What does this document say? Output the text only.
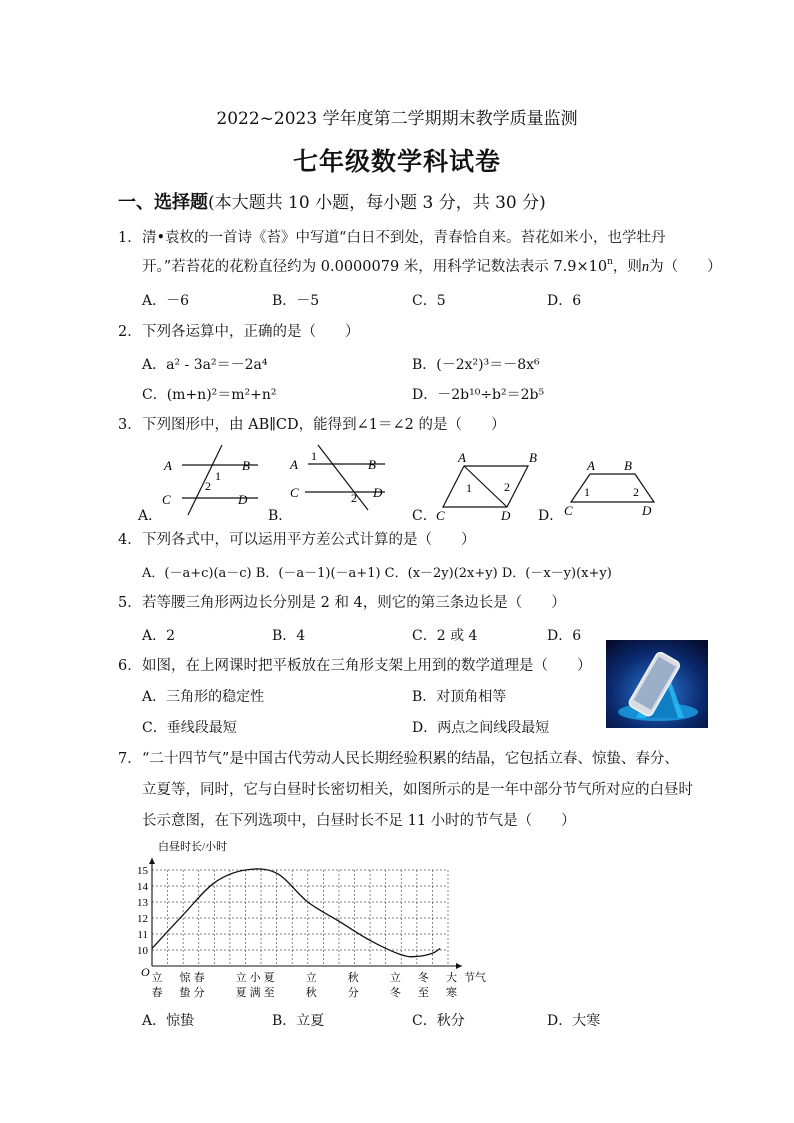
2022~2023 学年度第二学期期末教学质量监测
七年级数学科试卷
一、选择题(本大题共 10 小题，每小题 3 分，共 30 分)
1． 清•袁枚的一首诗《苔》中写道“白日不到处，青春恰自来。苔花如米小，也学牡丹
开。”若苔花的花粉直径约为 0.0000079 米，用科学记数法表示 $7.9\times 10^n$，则n为（　　）
A．－6	B．－5	C．5	D．6
2． 下列各运算中，正确的是（　　）
A．a² - 3a²＝－2a⁴	B．(－2x²)³＝－8x⁶
C．(m+n)²＝m²+n²	D．－2b¹⁰÷b²＝2b⁵
3． 下列图形中，由 AB∥CD，能得到∠1＝∠2 的是（　　）
A	B
C	D
1
2
A	B
C	D
1
2
A	B
C	D
1	2
A B
C	D
1	2
A．	B．	C．	D．
4． 下列各式中，可以运用平方差公式计算的是（　　）
A．(－a+c)(a－c) B．(－a－1)(－a+1) C．(x－2y)(2x+y) D．(－x－y)(x+y)
5． 若等腰三角形两边长分别是 2 和 4，则它的第三条边长是（　　）
A．2	B．4	C．2 或 4	D．6
6． 如图，在上网课时把平板放在三角形支架上用到的数学道理是（　　）
A．三角形的稳定性	B．对顶角相等
C．垂线段最短	D．两点之间线段最短
7． “二十四节气”是中国古代劳动人民长期经验积累的结晶，它包括立春、惊蛰、春分、
立夏等，同时，它与白昼时长密切相关，如图所示的是一年中部分节气所对应的白昼时
长示意图，在下列选项中，白昼时长不足 11 小时的节气是（　　）
白昼时长/小时
节气
O
10
11
12
13
14
15
立
春
惊
蛰
春
分
立
夏
小
满
夏
至
立
秋
秋
分
立
冬
冬
至
大
寒
A．惊蛰	B．立夏	C．秋分	D．大寒
